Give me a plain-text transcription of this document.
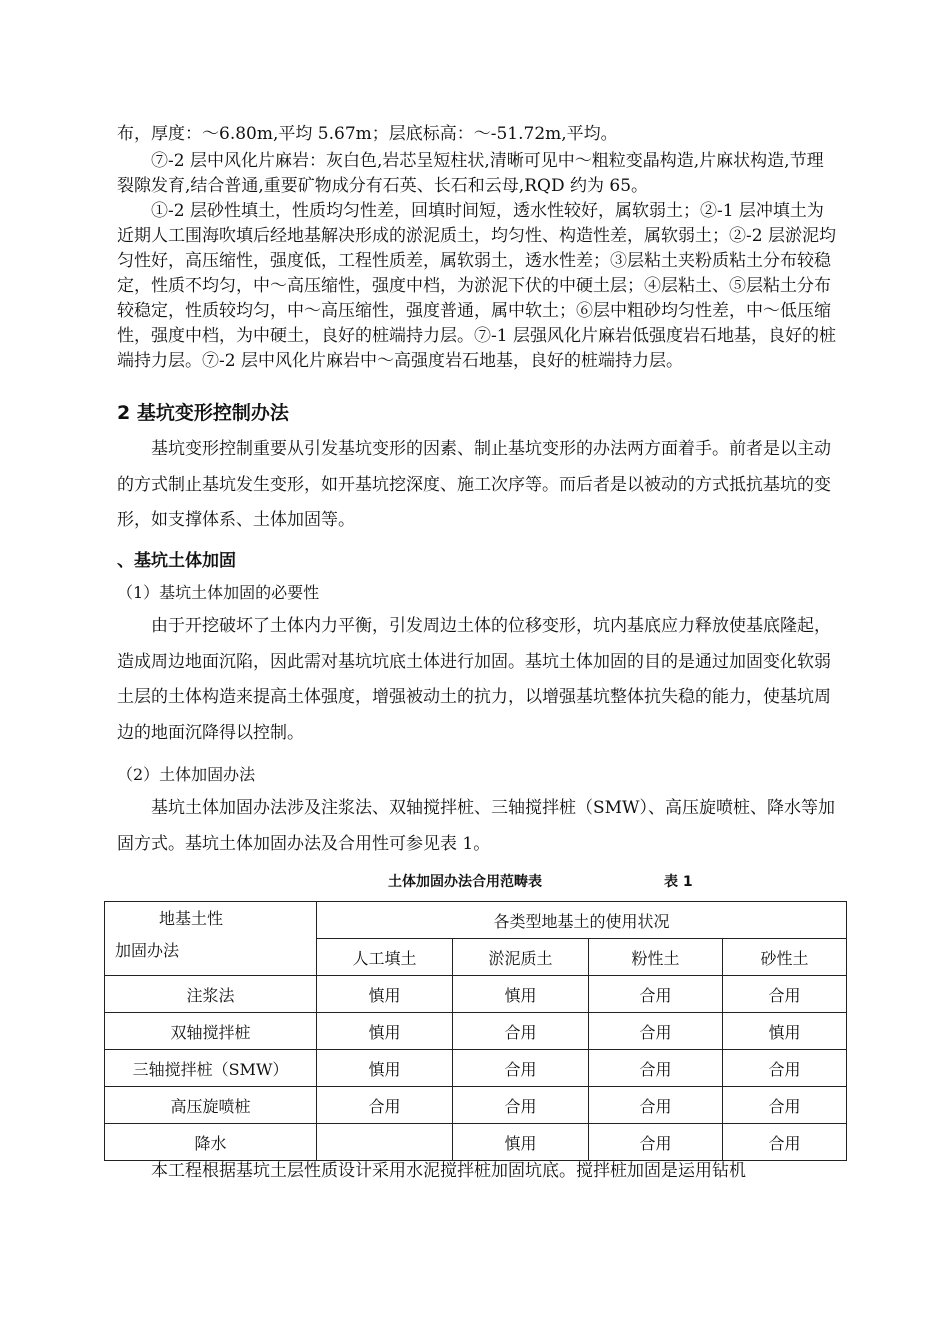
布，厚度：～6.80m,平均 5.67m；层底标高：～-51.72m,平均。

⑦-2 层中风化片麻岩：灰白色,岩芯呈短柱状,清晰可见中～粗粒变晶构造,片麻状构造,节理裂隙发育,结合普通,重要矿物成分有石英、长石和云母,RQD 约为 65。

①-2 层砂性填土，性质均匀性差，回填时间短，透水性较好，属软弱土；②-1 层冲填土为近期人工围海吹填后经地基解决形成的淤泥质土，均匀性、构造性差，属软弱土；②-2 层淤泥均匀性好，高压缩性，强度低，工程性质差，属软弱土，透水性差；③层粘土夹粉质粘土分布较稳定，性质不均匀，中～高压缩性，强度中档，为淤泥下伏的中硬土层；④层粘土、⑤层粘土分布较稳定，性质较均匀，中～高压缩性，强度普通，属中软土；⑥层中粗砂均匀性差，中～低压缩性，强度中档，为中硬土，良好的桩端持力层。⑦-1 层强风化片麻岩低强度岩石地基，良好的桩端持力层。⑦-2 层中风化片麻岩中～高强度岩石地基，良好的桩端持力层。

2 基坑变形控制办法

基坑变形控制重要从引发基坑变形的因素、制止基坑变形的办法两方面着手。前者是以主动的方式制止基坑发生变形，如开基坑挖深度、施工次序等。而后者是以被动的方式抵抗基坑的变形，如支撑体系、土体加固等。

、基坑土体加固

（1）基坑土体加固的必要性

由于开挖破坏了土体内力平衡，引发周边土体的位移变形，坑内基底应力释放使基底隆起，造成周边地面沉陷，因此需对基坑坑底土体进行加固。基坑土体加固的目的是通过加固变化软弱土层的土体构造来提高土体强度，增强被动土的抗力，以增强基坑整体抗失稳的能力，使基坑周边的地面沉降得以控制。

（2）土体加固办法

基坑土体加固办法涉及注浆法、双轴搅拌桩、三轴搅拌桩（SMW）、高压旋喷桩、降水等加固方式。基坑土体加固办法及合用性可参见表 1。

土体加固办法合用范畴表	表 1
地基土性
加固办法	各类型地基土的使用状况			
	人工填土	淤泥质土	粉性土	砂性土
注浆法	慎用	慎用	合用	合用
双轴搅拌桩	慎用	合用	合用	慎用
三轴搅拌桩（SMW）	慎用	合用	合用	合用
高压旋喷桩	合用	合用	合用	合用
降水		慎用	合用	合用

本工程根据基坑土层性质设计采用水泥搅拌桩加固坑底。搅拌桩加固是运用钻机
